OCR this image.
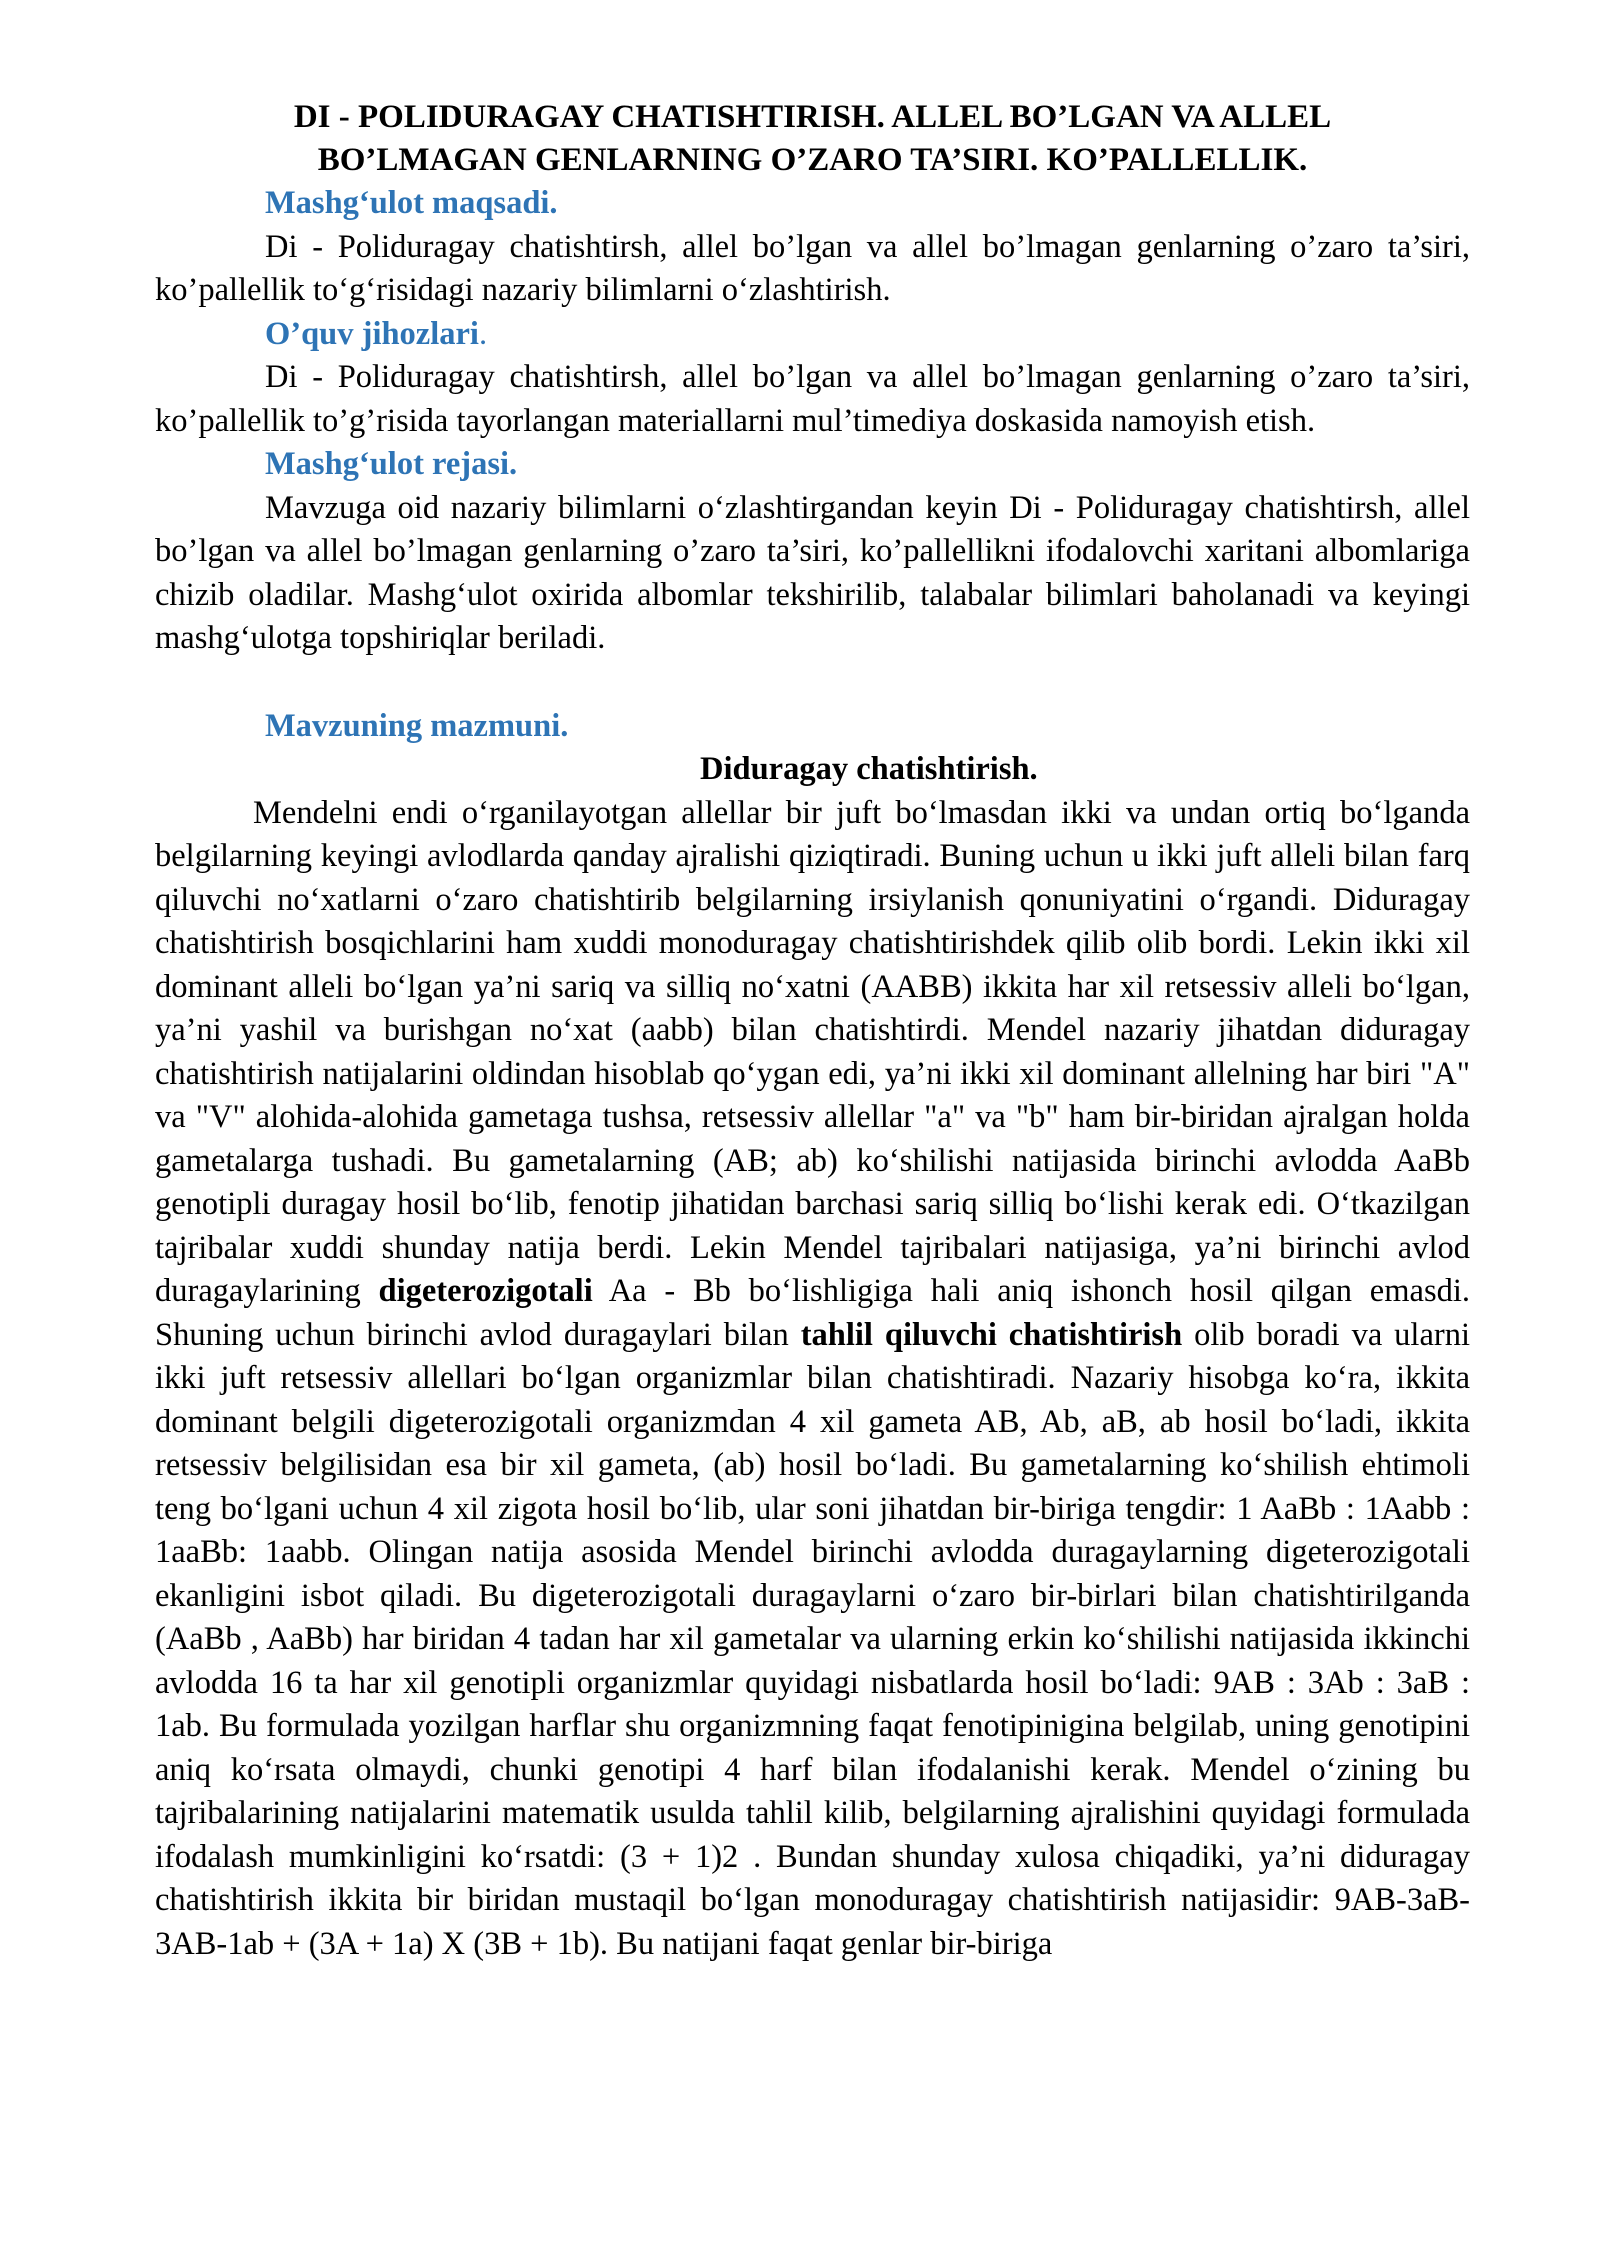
DI - POLIDURAGAY CHATISHTIRISH. ALLEL BO’LGAN VA ALLEL
BO’LMAGAN GENLARNING O’ZARO TA’SIRI. KO’PALLELLIK.

Mashg‘ulot maqsadi.

Di - Poliduragay chatishtirsh, allel bo’lgan va allel bo’lmagan genlarning o’zaro ta’siri, ko’pallellik to‘g‘risidagi nazariy bilimlarni o‘zlashtirish.

O’quv jihozlari.

Di - Poliduragay chatishtirsh, allel bo’lgan va allel bo’lmagan genlarning o’zaro ta’siri, ko’pallellik to’g’risida tayorlangan materiallarni mul’timediya doskasida namoyish etish.

Mashg‘ulot rejasi.

Mavzuga oid nazariy bilimlarni o‘zlashtirgandan keyin Di - Poliduragay chatishtirsh, allel bo’lgan va allel bo’lmagan genlarning o’zaro ta’siri, ko’pallellikni ifodalovchi xaritani albomlariga chizib oladilar. Mashg‘ulot oxirida albomlar tekshirilib, talabalar bilimlari baholanadi va keyingi mashg‘ulotga topshiriqlar beriladi.

Mavzuning mazmuni.

Diduragay chatishtirish.

Mendelni endi o‘rganilayotgan allellar bir juft bo‘lmasdan ikki va undan ortiq bo‘lganda belgilarning keyingi avlodlarda qanday ajralishi qiziqtiradi. Buning uchun u ikki juft alleli bilan farq qiluvchi no‘xatlarni o‘zaro chatishtirib belgilarning irsiylanish qonuniyatini o‘rgandi. Diduragay chatishtirish bosqichlarini ham xuddi monoduragay chatishtirishdek qilib olib bordi. Lekin ikki xil dominant alleli bo‘lgan ya’ni sariq va silliq no‘xatni (AABB) ikkita har xil retsessiv alleli bo‘lgan, ya’ni yashil va burishgan no‘xat (aabb) bilan chatishtirdi. Mendel nazariy jihatdan diduragay chatishtirish natijalarini oldindan hisoblab qo‘ygan edi, ya’ni ikki xil dominant allelning har biri "A" va "V" alohida-alohida gametaga tushsa, retsessiv allellar "a" va "b" ham bir-biridan ajralgan holda gametalarga tushadi. Bu gametalarning (AB; ab) ko‘shilishi natijasida birinchi avlodda AaBb genotipli duragay hosil bo‘lib, fenotip jihatidan barchasi sariq silliq bo‘lishi kerak edi. O‘tkazilgan tajribalar xuddi shunday natija berdi. Lekin Mendel tajribalari natijasiga, ya’ni birinchi avlod duragaylarining digeterozigotali Aa - Bb bo‘lishligiga hali aniq ishonch hosil qilgan emasdi. Shuning uchun birinchi avlod duragaylari bilan tahlil qiluvchi chatishtirish olib boradi va ularni ikki juft retsessiv allellari bo‘lgan organizmlar bilan chatishtiradi. Nazariy hisobga ko‘ra, ikkita dominant belgili digeterozigotali organizmdan 4 xil gameta AB, Ab, aB, ab hosil bo‘ladi, ikkita retsessiv belgilisidan esa bir xil gameta, (ab) hosil bo‘ladi. Bu gametalarning ko‘shilish ehtimoli teng bo‘lgani uchun 4 xil zigota hosil bo‘lib, ular soni jihatdan bir-biriga tengdir: 1 AaBb : 1Aabb : 1aaBb: 1aabb. Olingan natija asosida Mendel birinchi avlodda duragaylarning digeterozigotali ekanligini isbot qiladi. Bu digeterozigotali duragaylarni o‘zaro bir-birlari bilan chatishtirilganda (AaBb , AaBb) har biridan 4 tadan har xil gametalar va ularning erkin ko‘shilishi natijasida ikkinchi avlodda 16 ta har xil genotipli organizmlar quyidagi nisbatlarda hosil bo‘ladi: 9AB : 3Ab : 3aB : 1ab. Bu formulada yozilgan harflar shu organizmning faqat fenotipinigina belgilab, uning genotipini aniq ko‘rsata olmaydi, chunki genotipi 4 harf bilan ifodalanishi kerak. Mendel o‘zining bu tajribalarining natijalarini matematik usulda tahlil kilib, belgilarning ajralishini quyidagi formulada ifodalash mumkinligini ko‘rsatdi: (3 + 1)2 . Bundan shunday xulosa chiqadiki, ya’ni diduragay chatishtirish ikkita bir biridan mustaqil bo‘lgan monoduragay chatishtirish natijasidir: 9AB-3aB-3AB-1ab + (3A + 1a) X (3B + 1b). Bu natijani faqat genlar bir-biriga
